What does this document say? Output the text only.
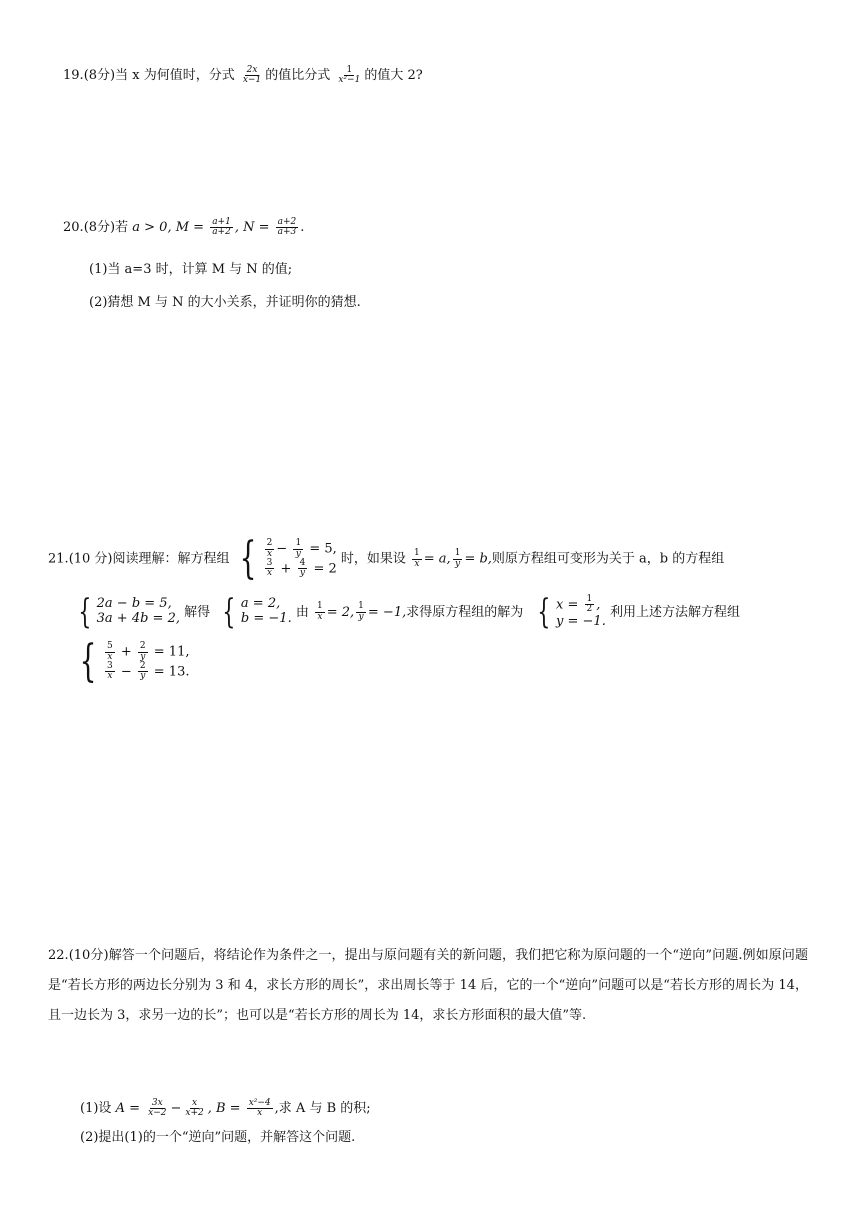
19.(8分)当 x 为何值时，分式 $\frac{2x}{x-1}$ 的值比分式 $\frac{1}{\text{x²−1}}$ 的值大 2?
20.(8分)若 a > 0, $M = \frac{a+1}{a+2}$ , $N = \frac{a+2}{a+3}$ .
(1)当 a=3 时，计算 M 与 N 的值;
(2)猜想 M 与 N 的大小关系，并证明你的猜想.
21.(10 分)阅读理解：解方程组 { $\frac{2}{x} - \frac{1}{y} = 5$,
$\frac{3}{x} + \frac{4}{y} = 2$
时，如果设 $\frac{1}{x} = a$, $\frac{1}{y} = b$,则原方程组可变形为关于 a，b 的方程组
{ 2a − b = 5,
3a + 4b = 2, 解得 { a = 2,
b = −1. 由 $\frac{1}{x} = 2$, $\frac{1}{y} = -1$,求得原方程组的解为 { $x = \frac{1}{2}$ ,
y = −1.
利用上述方法解方程组
{ $\frac{5}{x} + \frac{2}{y} = 11$,
$\frac{3}{x} - \frac{2}{y} = 13$.
22.(10分)解答一个问题后，将结论作为条件之一，提出与原问题有关的新问题，我们把它称为原问题的一个“逆向”问题.例如原问题是“若长方形的两边长分别为 3 和 4，求长方形的周长”，求出周长等于 14 后，它的一个“逆向”问题可以是“若长方形的周长为 14，且一边长为 3，求另一边的长”；也可以是“若长方形的周长为 14，求长方形面积的最大值”等.
(1)设 $A = \frac{3x}{x-2} - \frac{x}{x+2}$ , $B = \frac{\text{x²−4}}{x}$ ,求 A 与 B 的积;
(2)提出(1)的一个“逆向”问题，并解答这个问题.
